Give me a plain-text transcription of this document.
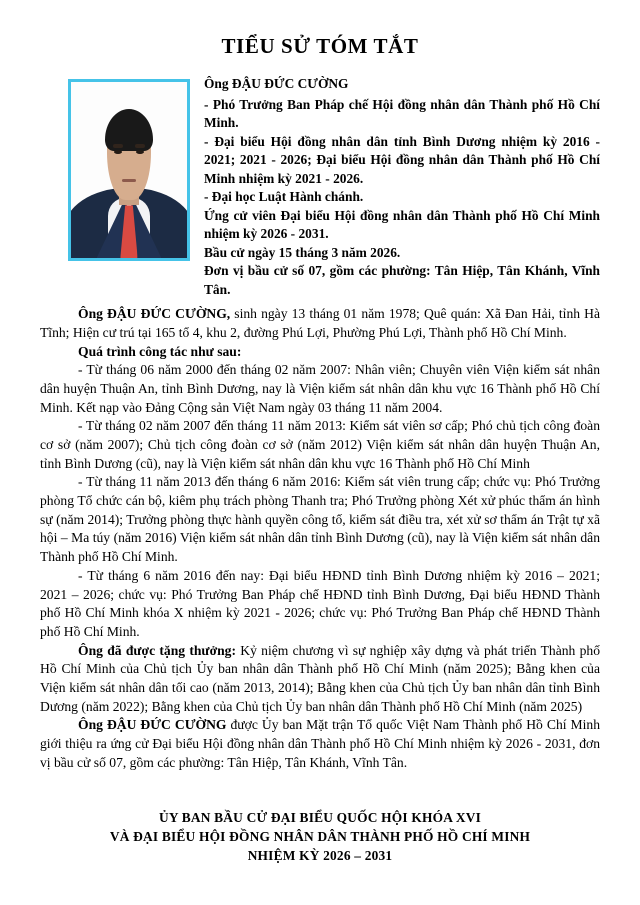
TIỂU SỬ TÓM TẮT

Ông ĐẬU ĐỨC CƯỜNG

- Phó Trưởng Ban Pháp chế Hội đồng nhân dân Thành phố Hồ Chí Minh.

- Đại biểu Hội đồng nhân dân tỉnh Bình Dương nhiệm kỳ 2016 - 2021; 2021 - 2026; Đại biểu Hội đồng nhân dân Thành phố Hồ Chí Minh nhiệm kỳ 2021 - 2026.

- Đại học Luật Hành chánh.

Ứng cử viên Đại biểu Hội đồng nhân dân Thành phố Hồ Chí Minh nhiệm kỳ 2026 - 2031.

Bầu cử ngày 15 tháng 3 năm 2026.

Đơn vị bầu cử số 07, gồm các phường: Tân Hiệp, Tân Khánh, Vĩnh Tân.

Ông ĐẬU ĐỨC CƯỜNG, sinh ngày 13 tháng 01 năm 1978; Quê quán: Xã Đan Hải, tỉnh Hà Tĩnh; Hiện cư trú tại 165 tổ 4, khu 2, đường Phú Lợi, Phường Phú Lợi, Thành phố Hồ Chí Minh.

Quá trình công tác như sau:

- Từ tháng 06 năm 2000 đến tháng 02 năm 2007: Nhân viên; Chuyên viên Viện kiểm sát nhân dân huyện Thuận An, tỉnh Bình Dương, nay là Viện kiểm sát nhân dân khu vực 16 Thành phố Hồ Chí Minh. Kết nạp vào Đảng Cộng sản Việt Nam ngày 03 tháng 11 năm 2004.

- Từ tháng 02 năm 2007 đến tháng 11 năm 2013: Kiểm sát viên sơ cấp; Phó chủ tịch công đoàn cơ sở (năm 2007); Chủ tịch công đoàn cơ sở (năm 2012) Viện kiểm sát nhân dân huyện Thuận An, tỉnh Bình Dương (cũ), nay là Viện kiểm sát nhân dân khu vực 16 Thành phố Hồ Chí Minh

- Từ tháng 11 năm 2013 đến tháng 6 năm 2016: Kiểm sát viên trung cấp; chức vụ: Phó Trưởng phòng Tổ chức cán bộ, kiêm phụ trách phòng Thanh tra; Phó Trưởng phòng Xét xử phúc thẩm án hình sự (năm 2014); Trưởng phòng thực hành quyền công tố, kiểm sát điều tra, xét xử sơ thẩm án Trật tự xã hội – Ma túy (năm 2016) Viện kiểm sát nhân dân tỉnh Bình Dương (cũ), nay là Viện kiểm sát nhân dân Thành phố Hồ Chí Minh.

- Từ tháng 6 năm 2016 đến nay: Đại biểu HĐND tỉnh Bình Dương nhiệm kỳ 2016 – 2021; 2021 – 2026; chức vụ: Phó Trưởng Ban Pháp chế HĐND tỉnh Bình Dương, Đại biểu HĐND Thành phố Hồ Chí Minh khóa X nhiệm kỳ 2021 - 2026; chức vụ: Phó Trưởng Ban Pháp chế HĐND Thành phố Hồ Chí Minh.

Ông đã được tặng thưởng: Kỷ niệm chương vì sự nghiệp xây dựng và phát triển Thành phố Hồ Chí Minh của Chủ tịch Ủy ban nhân dân Thành phố Hồ Chí Minh (năm 2025); Bằng khen của Viện kiểm sát nhân dân tối cao (năm 2013, 2014); Bằng khen của Chủ tịch Ủy ban nhân dân tỉnh Bình Dương (năm 2022); Bằng khen của Chủ tịch Ủy ban nhân dân Thành phố Hồ Chí Minh (năm 2025)

Ông ĐẬU ĐỨC CƯỜNG được Ủy ban Mặt trận Tổ quốc Việt Nam Thành phố Hồ Chí Minh giới thiệu ra ứng cử Đại biểu Hội đồng nhân dân Thành phố Hồ Chí Minh nhiệm kỳ 2026 - 2031, đơn vị bầu cử số 07, gồm các phường: Tân Hiệp, Tân Khánh, Vĩnh Tân.

ỦY BAN BẦU CỬ ĐẠI BIỂU QUỐC HỘI KHÓA XVI
VÀ ĐẠI BIỂU HỘI ĐỒNG NHÂN DÂN THÀNH PHỐ HỒ CHÍ MINH
NHIỆM KỲ 2026 – 2031
